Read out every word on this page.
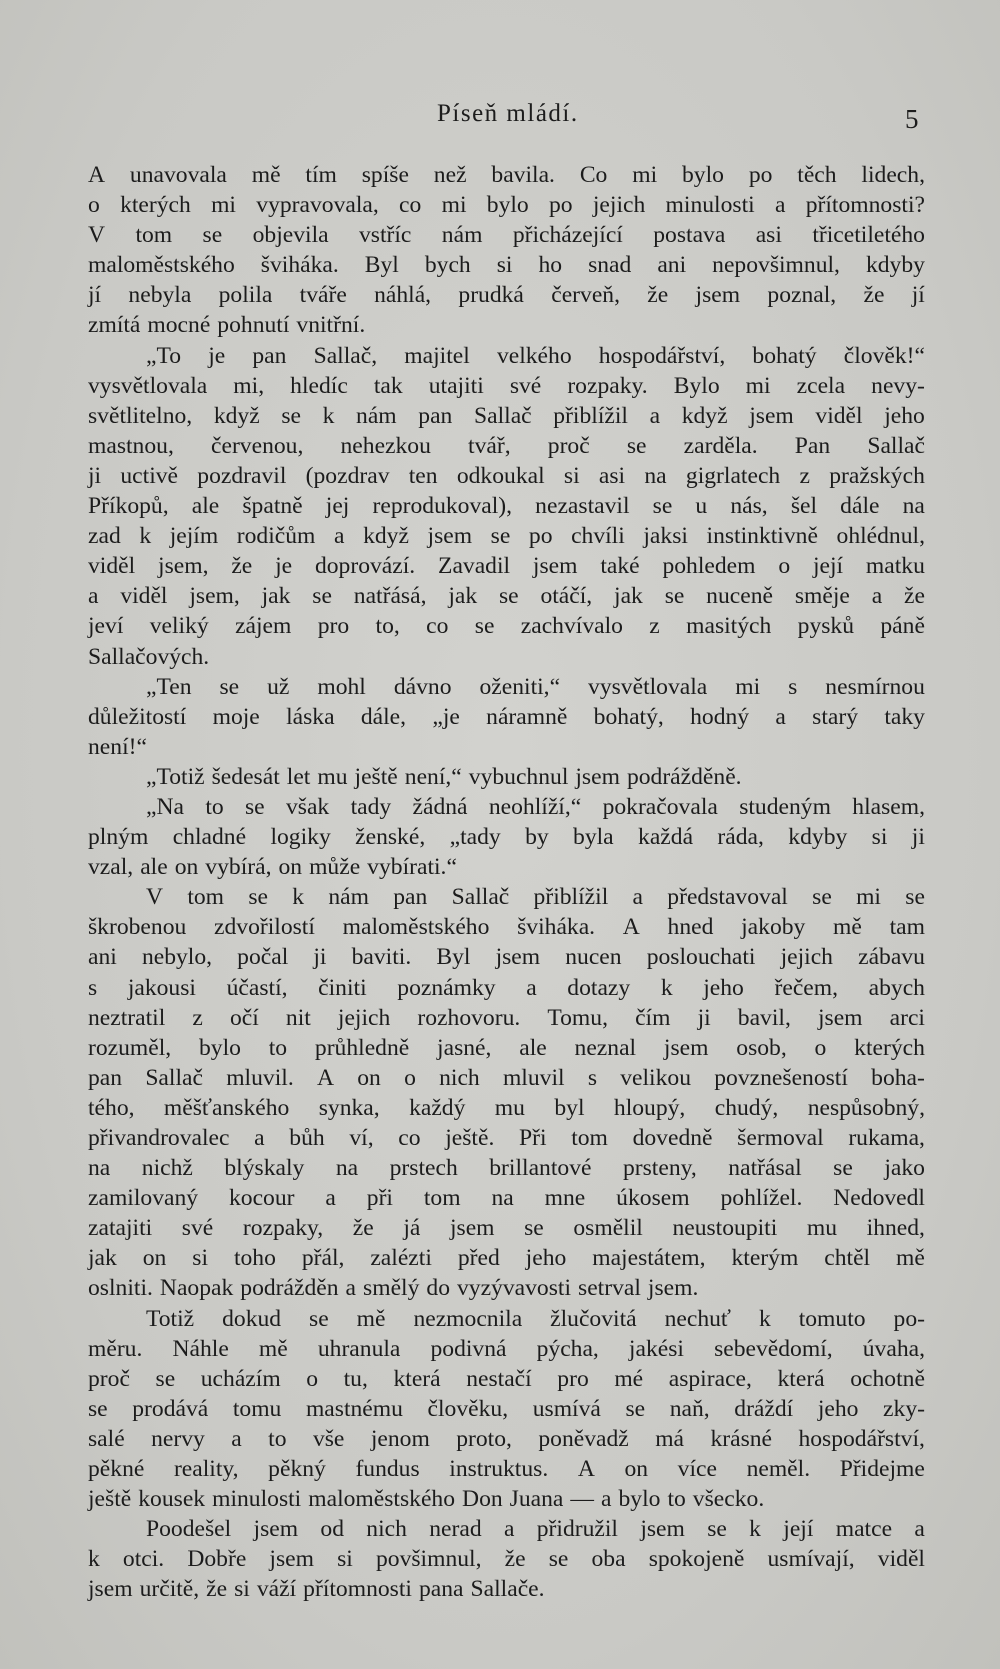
Píseň mládí.	5
A unavovala mě tím spíše než bavila. Co mi bylo po těch lidech,
o kterých mi vypravovala, co mi bylo po jejich minulosti a přítomnosti?
V tom se objevila vstříc nám přicházející postava asi třicetiletého
maloměstského šviháka. Byl bych si ho snad ani nepovšimnul, kdyby
jí nebyla polila tváře náhlá, prudká červeň, že jsem poznal, že jí
zmítá mocné pohnutí vnitřní.
„To je pan Sallač, majitel velkého hospodářství, bohatý člověk!“
vysvětlovala mi, hledíc tak utajiti své rozpaky. Bylo mi zcela nevy-
světlitelno, když se k nám pan Sallač přiblížil a když jsem viděl jeho
mastnou, červenou, nehezkou tvář, proč se zarděla. Pan Sallač
ji uctivě pozdravil (pozdrav ten odkoukal si asi na gigrlatech z pražských
Příkopů, ale špatně jej reprodukoval), nezastavil se u nás, šel dále na
zad k jejím rodičům a když jsem se po chvíli jaksi instinktivně ohlédnul,
viděl jsem, že je doprovází. Zavadil jsem také pohledem o její matku
a viděl jsem, jak se natřásá, jak se otáčí, jak se nuceně směje a že
jeví veliký zájem pro to, co se zachvívalo z masitých pysků páně
Sallačových.
„Ten se už mohl dávno oženiti,“ vysvětlovala mi s nesmírnou
důležitostí moje láska dále, „je náramně bohatý, hodný a starý taky
není!“
„Totiž šedesát let mu ještě není,“ vybuchnul jsem podrážděně.
„Na to se však tady žádná neohlíží,“ pokračovala studeným hlasem,
plným chladné logiky ženské, „tady by byla každá ráda, kdyby si ji
vzal, ale on vybírá, on může vybírati.“
V tom se k nám pan Sallač přiblížil a představoval se mi se
škrobenou zdvořilostí maloměstského šviháka. A hned jakoby mě tam
ani nebylo, počal ji baviti. Byl jsem nucen poslouchati jejich zábavu
s jakousi účastí, činiti poznámky a dotazy k jeho řečem, abych
neztratil z očí nit jejich rozhovoru. Tomu, čím ji bavil, jsem arci
rozuměl, bylo to průhledně jasné, ale neznal jsem osob, o kterých
pan Sallač mluvil. A on o nich mluvil s velikou povznešeností boha-
tého, měšťanského synka, každý mu byl hloupý, chudý, nespůsobný,
přivandrovalec a bůh ví, co ještě. Při tom dovedně šermoval rukama,
na nichž blýskaly na prstech brillantové prsteny, natřásal se jako
zamilovaný kocour a při tom na mne úkosem pohlížel. Nedovedl
zatajiti své rozpaky, že já jsem se osmělil neustoupiti mu ihned,
jak on si toho přál, zalézti před jeho majestátem, kterým chtěl mě
oslniti. Naopak podrážděn a smělý do vyzývavosti setrval jsem.
Totiž dokud se mě nezmocnila žlučovitá nechuť k tomuto po-
měru. Náhle mě uhranula podivná pýcha, jakési sebevědomí, úvaha,
proč se ucházím o tu, která nestačí pro mé aspirace, která ochotně
se prodává tomu mastnému člověku, usmívá se naň, dráždí jeho zky-
salé nervy a to vše jenom proto, poněvadž má krásné hospodářství,
pěkné reality, pěkný fundus instruktus. A on více neměl. Přidejme
ještě kousek minulosti maloměstského Don Juana — a bylo to všecko.
Poodešel jsem od nich nerad a přidružil jsem se k její matce a
k otci. Dobře jsem si povšimnul, že se oba spokojeně usmívají, viděl
jsem určitě, že si váží přítomnosti pana Sallače.
